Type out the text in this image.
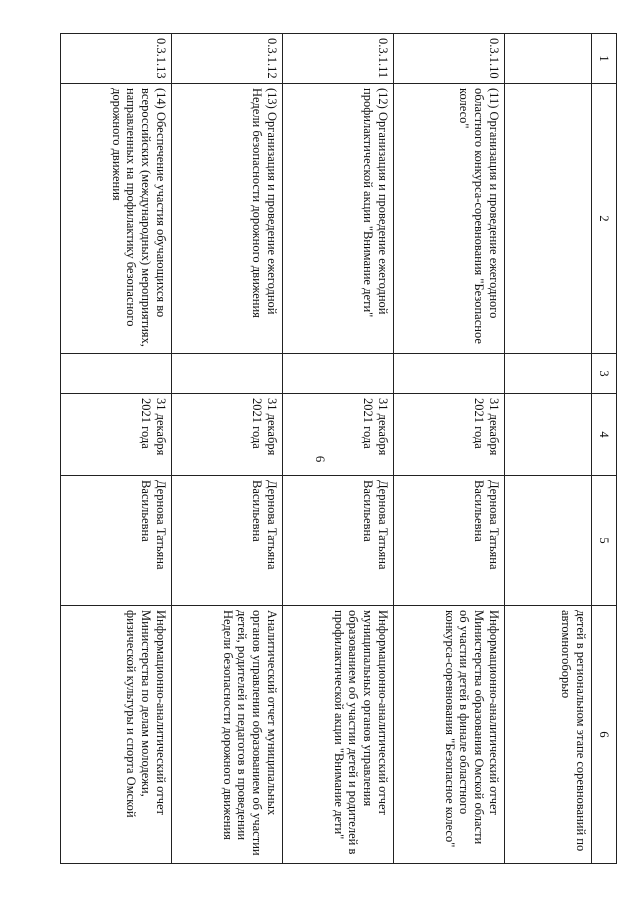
6
1	2	3	4	5	6
					детей в региональном этапе соревнований по автомногоборью
0.3.1.10	(11) Организация и проведение ежегодного областного конкурса-соревнования "Безопасное колесо"		31 декабря 2021 года	Дернова Татьяна Васильевна	Информационно-аналитический отчет Министерства образования Омской области об участии детей в финале областного конкурса-соревнования "Безопасное колесо"
0.3.1.11	(12) Организация и проведение ежегодной профилактической акции "Внимание дети"		31 декабря 2021 года	Дернова Татьяна Васильевна	Информационно-аналитический отчет муниципальных органов управления образованием об участии детей и родителей в профилактической акции "Внимание дети"
0.3.1.12	(13) Организация и проведение ежегодной Недели безопасности дорожного движения		31 декабря 2021 года	Дернова Татьяна Васильевна	Аналитический отчет муниципальных органов управлении образованием об участии детей, родителей и педагогов в проведении Недели безопасности дорожного движения
0.3.1.13	(14) Обеспечение участия обучающихся во всероссийских (международных) мероприятиях, направленных на профилактику безопасного дорожного движения		31 декабря 2021 года	Дернова Татьяна Васильевна	Информационно-аналитический отчет Министерства по делам молодежи, физической культуры и спорта Омской
